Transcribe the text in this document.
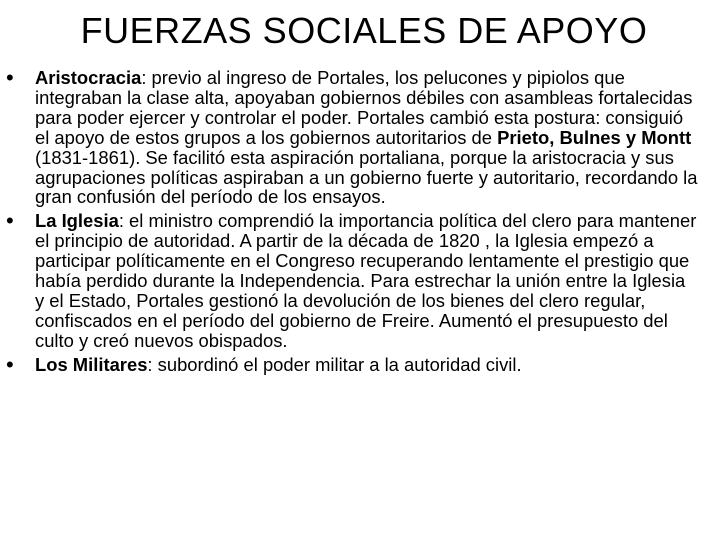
FUERZAS SOCIALES DE APOYO
• Aristocracia: previo al ingreso de Portales, los pelucones y pipiolos que integraban la clase alta, apoyaban gobiernos débiles con asambleas fortalecidas para poder ejercer y controlar el poder. Portales cambió esta postura: consiguió el apoyo de estos grupos a los gobiernos autoritarios de Prieto, Bulnes y Montt (1831-1861). Se facilitó esta aspiración portaliana, porque la aristocracia y sus agrupaciones políticas aspiraban a un gobierno fuerte y autoritario, recordando la gran confusión del período de los ensayos.
• La Iglesia: el ministro comprendió la importancia política del clero para mantener el principio de autoridad. A partir de la década de 1820 , la Iglesia empezó a participar políticamente en el Congreso recuperando lentamente el prestigio que había perdido durante la Independencia. Para estrechar la unión entre la Iglesia y el Estado, Portales gestionó la devolución de los bienes del clero regular, confiscados en el período del gobierno de Freire. Aumentó el presupuesto del culto y creó nuevos obispados.
• Los Militares: subordinó el poder militar a la autoridad civil.
